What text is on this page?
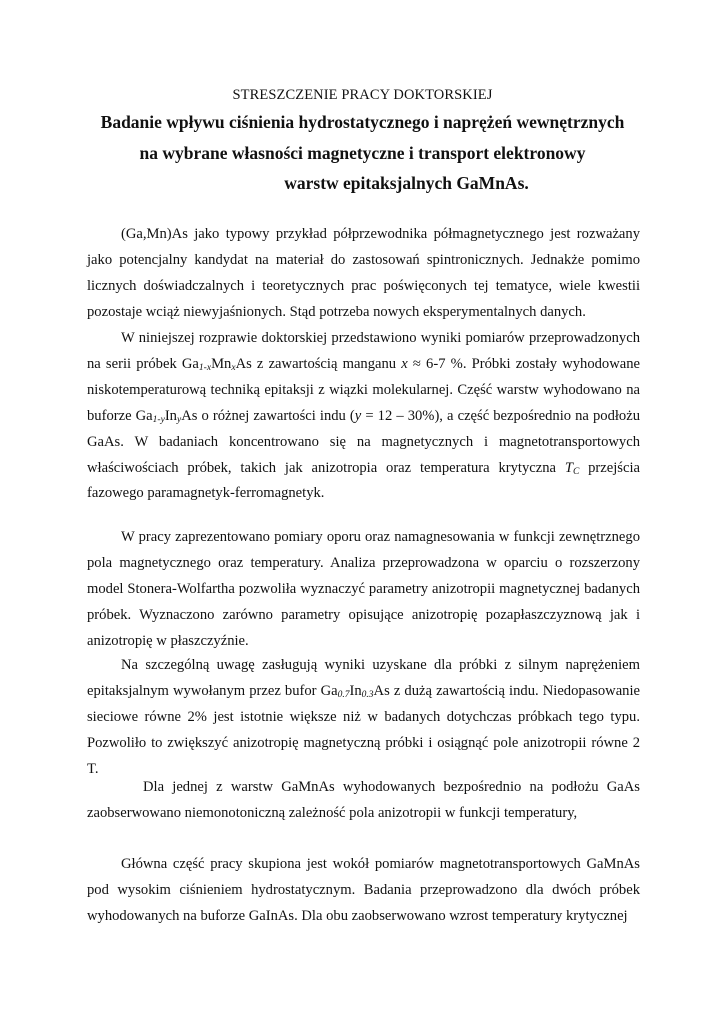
STRESZCZENIE PRACY DOKTORSKIEJ
Badanie wpływu ciśnienia hydrostatycznego i naprężeń wewnętrznych
na wybrane własności magnetyczne i transport elektronowy
warstw epitaksjalnych GaMnAs.

(Ga,Mn)As jako typowy przykład półprzewodnika półmagnetycznego jest rozważany jako potencjalny kandydat na materiał do zastosowań spintronicznych. Jednakże pomimo licznych doświadczalnych i teoretycznych prac poświęconych tej tematyce, wiele kwestii pozostaje wciąż niewyjaśnionych. Stąd potrzeba nowych eksperymentalnych danych.

W niniejszej rozprawie doktorskiej przedstawiono wyniki pomiarów przeprowadzonych na serii próbek $Ga_{1-x}Mn_xAs$ z zawartością manganu x ≈ 6-7 %. Próbki zostały wyhodowane niskotemperaturową techniką epitaksji z wiązki molekularnej. Część warstw wyhodowano na buforze $Ga_{1-y}In_yAs$ o różnej zawartości indu (y = 12 – 30%), a część bezpośrednio na podłożu GaAs. W badaniach koncentrowano się na magnetycznych i magnetotransportowych właściwościach próbek, takich jak anizotropia oraz temperatura krytyczna $T_C$ przejścia fazowego paramagnetyk-ferromagnetyk.

W pracy zaprezentowano pomiary oporu oraz namagnesowania w funkcji zewnętrznego pola magnetycznego oraz temperatury. Analiza przeprowadzona w oparciu o rozszerzony model Stonera-Wolfartha pozwoliła wyznaczyć parametry anizotropii magnetycznej badanych próbek. Wyznaczono zarówno parametry opisujące anizotropię pozapłaszczyznową jak i anizotropię w płaszczyźnie.

Na szczególną uwagę zasługują wyniki uzyskane dla próbki z silnym naprężeniem epitaksjalnym wywołanym przez bufor $Ga_{0.7}In_{0.3}As$ z dużą zawartością indu. Niedopasowanie sieciowe równe 2% jest istotnie większe niż w badanych dotychczas próbkach tego typu. Pozwoliło to zwiększyć anizotropię magnetyczną próbki i osiągnąć pole anizotropii równe 2 T.

Dla jednej z warstw GaMnAs wyhodowanych bezpośrednio na podłożu GaAs zaobserwowano niemonotoniczną zależność pola anizotropii w funkcji temperatury,

Główna część pracy skupiona jest wokół pomiarów magnetotransportowych GaMnAs pod wysokim ciśnieniem hydrostatycznym. Badania przeprowadzono dla dwóch próbek wyhodowanych na buforze GaInAs. Dla obu zaobserwowano wzrost temperatury krytycznej
